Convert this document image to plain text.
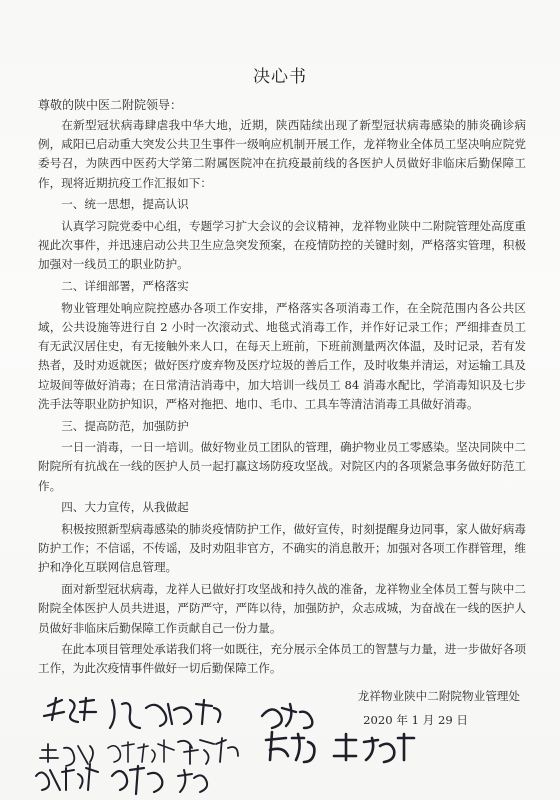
决心书
尊敬的陕中医二附院领导：

在新型冠状病毒肆虐我中华大地，近期，陕西陆续出现了新型冠状病毒感染的肺炎确诊病例，咸阳已启动重大突发公共卫生事件一级响应机制开展工作，龙祥物业全体员工坚决响应院党委号召，为陕西中医药大学第二附属医院冲在抗疫最前线的各医护人员做好非临床后勤保障工作，现将近期抗疫工作汇报如下：

一、统一思想，提高认识

认真学习院党委中心组，专题学习扩大会议的会议精神，龙祥物业陕中二附院管理处高度重视此次事件，并迅速启动公共卫生应急突发预案，在疫情防控的关键时刻，严格落实管理，积极加强对一线员工的职业防护。

二、详细部署，严格落实

物业管理处响应院控感办各项工作安排，严格落实各项消毒工作，在全院范围内各公共区域，公共设施等进行自 2 小时一次滚动式、地毯式消毒工作，并作好记录工作；严细排查员工有无武汉居住史，有无接触外来人口，在每天上班前，下班前测量两次体温，及时记录，若有发热者，及时劝返就医；做好医疗废弃物及医疗垃圾的善后工作，及时收集并清运，对运输工具及垃圾间等做好消毒；在日常清洁消毒中，加大培训一线员工 84 消毒水配比，学消毒知识及七步洗手法等职业防护知识，严格对拖把、地巾、毛巾、工具车等清洁消毒工具做好消毒。

三、提高防范，加强防护

一日一消毒，一日一培训。做好物业员工团队的管理，确护物业员工零感染。坚决同陕中二附院所有抗战在一线的医护人员一起打赢这场防疫攻坚战。对院区内的各项紧急事务做好防范工作。

四、大力宣传，从我做起

积极按照新型病毒感染的肺炎疫情防护工作，做好宣传，时刻提醒身边同事，家人做好病毒防护工作；不信谣，不传谣，及时劝阻非官方，不确实的消息散开；加强对各项工作群管理，维护和净化互联网信息管理。

面对新型冠状病毒，龙祥人已做好打攻坚战和持久战的准备，龙祥物业全体员工誓与陕中二附院全体医护人员共进退，严防严守，严阵以待，加强防护，众志成城，为奋战在一线的医护人员做好非临床后勤保障工作贡献自己一份力量。

在此本项目管理处承诺我们将一如既往，充分展示全体员工的智慧与力量，进一步做好各项工作，为此次疫情事件做好一切后勤保障工作。

龙祥物业陕中二附院物业管理处
2020 年 1 月 29 日
